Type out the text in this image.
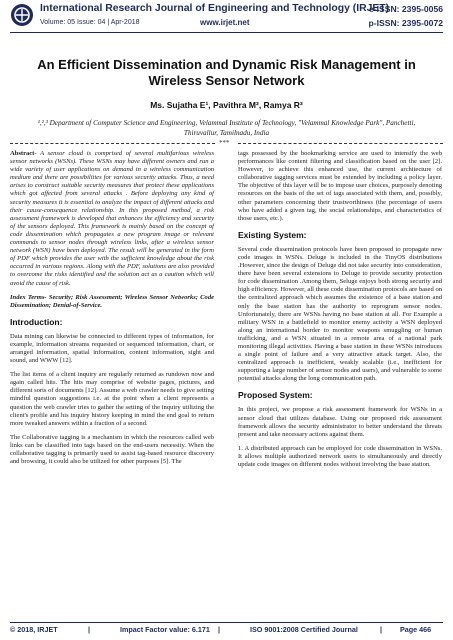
International Research Journal of Engineering and Technology (IRJET)
e-ISSN: 2395-0056
Volume: 05 Issue: 04 | Apr-2018	www.irjet.net	p-ISSN: 2395-0072
An Efficient Dissemination and Dynamic Risk Management in Wireless Sensor Network
Ms. Sujatha E¹, Pavithra M², Ramya R³
¹,²,³ Department of Computer Science and Engineering, Velammal Institute of Technology, "Velammal Knowledge Park", Panchetti, Thiruvallur, Tamilnadu, India
***

Abstract- A sensor cloud is comprised of several multifarious wireless sensor networks (WSNs). These WSNs may have different owners and run a wide variety of user applications on demand in a wireless communication medium and there are possibilities for various security attacks. Thus, a need arises to construct suitable security measures that protect these applications which got affected from several attacks . Before deploying any kind of security measures it is essential to analyze the impact of different attacks and their cause-consequence relationship. In this proposed method, a risk assessment framework is developed that enhances the efficiency and security of the sensors deployed. This framework is mainly based on the concept of code dissemination which propagates a new program image or relevant commands to sensor nodes through wireless links, after a wireless sensor network (WSN) have been deployed. The result will be generated in the form of PDF which provides the user with the sufficient knowledge about the risk occurred in various regions. Along with the PDF, solutions are also provided to overcome the risks identified and the solution act as a caution which will avoid the cause of risk.

Index Terms- Security; Risk Assessment; Wireless Sensor Networks; Code Dissemination; Denial-of-Service.

Introduction:

Data mining can likewise be connected to different types of information, for example, information streams requested or sequenced information, chart, or arranged information, spatial information, content information, sight and sound, and WWW [12].

The list items of a client inquiry are regularly returned as rundown now and again called hits. The hits may comprise of website pages, pictures, and different sorts of documents [12]. Assume a web crawler needs to give setting mindful question suggestions i.e. at the point when a client represents a question the web crawler tries to gather the setting of the inquiry utilizing the client's profile and his inquiry history keeping in mind the end goal to return more tweaked answers within a fraction of a second.

The Collaborative tagging is a mechanism in which the resources called web links can be classified into tags based on the end-users necessity. When the collaborative tagging is primarily used to assist tag-based resource discovery and browsing, it could also be utilized for other purposes [5]. The

tags possessed by the bookmarking service are used to intensify the web performances like content filtering and classification based on the user [2]. However, to achieve this enhanced use, the current architecture of collaborative tagging services must be extended by including a policy layer. The objective of this layer will be to impose user choices, purposely denoting resources on the basis of the set of tags associated with them, and, possibly, other parameters concerning their trustworthiness (the percentage of users who have added a given tag, the social relationships, and characteristics of those users, etc.).

Existing System:

Several code dissemination protocols have been proposed to propagate new code images in WSNs. Deluge is included in the TinyOS distributions .However, since the design of Deluge did not take security into consideration, there have been several extensions to Deluge to provide security protection for code dissemination .Among them, Seluge enjoys both strong security and high efficiency. However, all these code dissemination protocols are based on the centralized approach which assumes the existence of a base station and only the base station has the authority to reprogram sensor nodes. Unfortunately, there are WSNs having no base station at all. For Example a military WSN in a battlefield to monitor enemy activity a WSN deployed along an international border to monitor weapons smuggling or human trafficking, and a WSN situated in a remote area of a national park monitoring illegal activities. Having a base station in these WSNs introduces a single point of failure and a very attractive attack target. Also, the centralized approach is inefficient, weakly scalable (i.e., inefficient for supporting a large number of sensor nodes and users), and vulnerable to some potential attacks along the long communication path.

Proposed System:

In this project, we propose a risk assessment framework for WSNs in a sensor cloud that utilizes database. Using our proposed risk assessment framework allows the security administrator to better understand the threats present and take necessary actions against them.

1. A distributed approach can be employed for code dissemination in WSNs. It allows multiple authorized network users to simultaneously and directly update code images on different nodes without involving the base station.

© 2018, IRJET	|	Impact Factor value: 6.171 |	ISO 9001:2008 Certified Journal	| Page 466
